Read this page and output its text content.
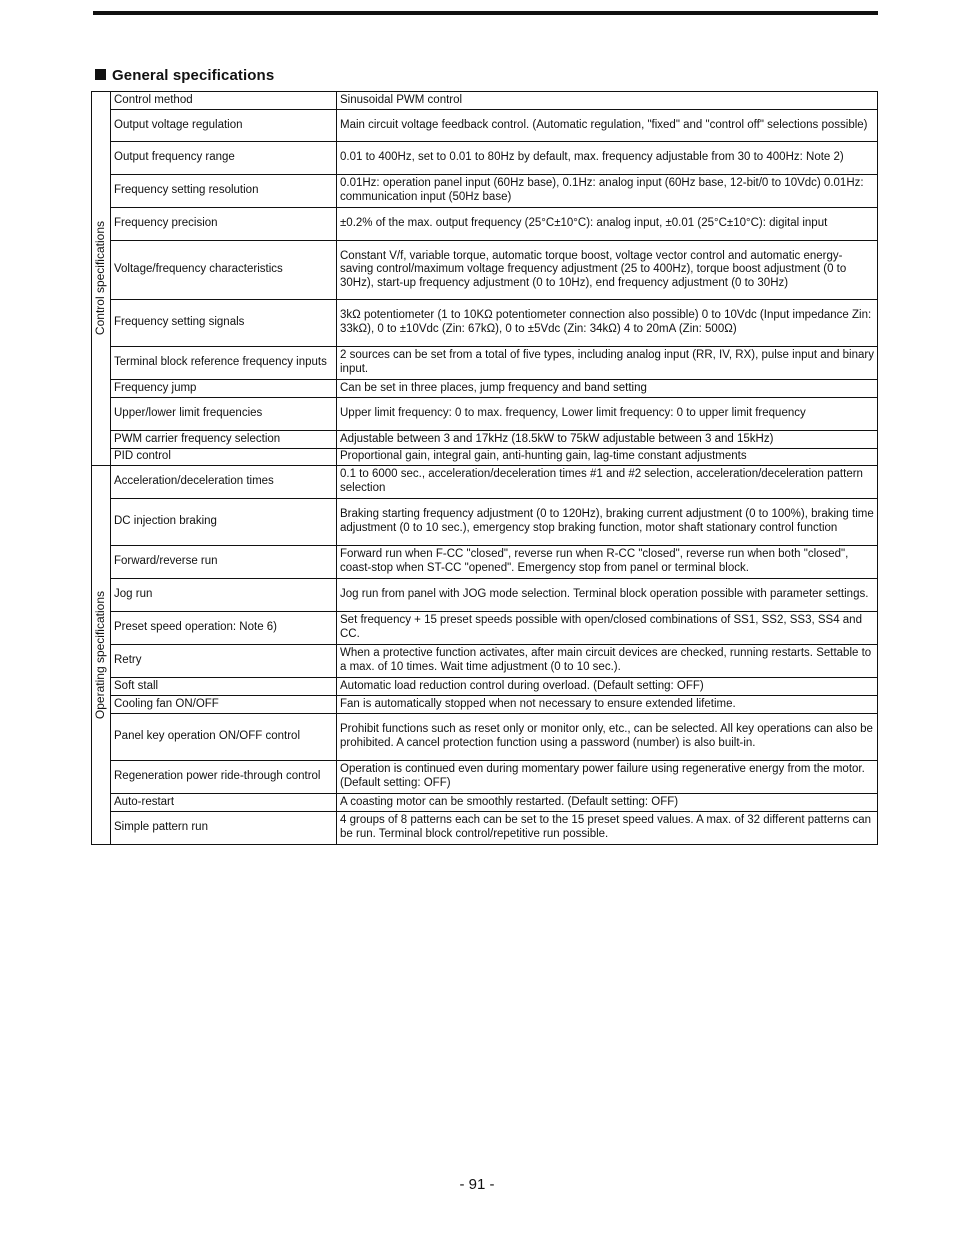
General specifications
Control specifications	Control method	Sinusoidal PWM control
	Output voltage regulation	Main circuit voltage feedback control. (Automatic regulation, "fixed" and "control off" selections possible)
	Output frequency range	0.01 to 400Hz, set to 0.01 to 80Hz by default, max. frequency adjustable from 30 to 400Hz: Note 2)
	Frequency setting resolution	0.01Hz: operation panel input (60Hz base), 0.1Hz: analog input (60Hz base, 12-bit/0 to 10Vdc) 0.01Hz: communication input (50Hz base)
	Frequency precision	±0.2% of the max. output frequency (25°C±10°C): analog input, ±0.01 (25°C±10°C): digital input
	Voltage/frequency characteristics	Constant V/f, variable torque, automatic torque boost, voltage vector control and automatic energy-saving control/maximum voltage frequency adjustment (25 to 400Hz), torque boost adjustment (0 to 30Hz), start-up frequency adjustment (0 to 10Hz), end frequency adjustment (0 to 30Hz)
	Frequency setting signals	3kΩ potentiometer (1 to 10KΩ potentiometer connection also possible) 0 to 10Vdc (Input impedance Zin: 33kΩ), 0 to ±10Vdc (Zin: 67kΩ), 0 to ±5Vdc (Zin: 34kΩ) 4 to 20mA (Zin: 500Ω)
	Terminal block reference frequency inputs	2 sources can be set from a total of five types, including analog input (RR, IV, RX), pulse input and binary input.
	Frequency jump	Can be set in three places, jump frequency and band setting
	Upper/lower limit frequencies	Upper limit frequency: 0 to max. frequency, Lower limit frequency: 0 to upper limit frequency
	PWM carrier frequency selection	Adjustable between 3 and 17kHz (18.5kW to 75kW adjustable between 3 and 15kHz)
	PID control	Proportional gain, integral gain, anti-hunting gain, lag-time constant adjustments

Operating specifications	Acceleration/deceleration times	0.1 to 6000 sec., acceleration/deceleration times #1 and #2 selection, acceleration/deceleration pattern selection
	DC injection braking	Braking starting frequency adjustment (0 to 120Hz), braking current adjustment (0 to 100%), braking time adjustment (0 to 10 sec.), emergency stop braking function, motor shaft stationary control function
	Forward/reverse run	Forward run when F-CC "closed", reverse run when R-CC "closed", reverse run when both "closed", coast-stop when ST-CC "opened". Emergency stop from panel or terminal block.
	Jog run	Jog run from panel with JOG mode selection. Terminal block operation possible with parameter settings.
	Preset speed operation: Note 6)	Set frequency + 15 preset speeds possible with open/closed combinations of SS1, SS2, SS3, SS4 and CC.
	Retry	When a protective function activates, after main circuit devices are checked, running restarts. Settable to a max. of 10 times. Wait time adjustment (0 to 10 sec.).
	Soft stall	Automatic load reduction control during overload. (Default setting: OFF)
	Cooling fan ON/OFF	Fan is automatically stopped when not necessary to ensure extended lifetime.
	Panel key operation ON/OFF control	Prohibit functions such as reset only or monitor only, etc., can be selected. All key operations can also be prohibited. A cancel protection function using a password (number) is also built-in.
	Regeneration power ride-through control	Operation is continued even during momentary power failure using regenerative energy from the motor. (Default setting: OFF)
	Auto-restart	A coasting motor can be smoothly restarted. (Default setting: OFF)
	Simple pattern run	4 groups of 8 patterns each can be set to the 15 preset speed values. A max. of 32 different patterns can be run. Terminal block control/repetitive run possible.
- 91 -
